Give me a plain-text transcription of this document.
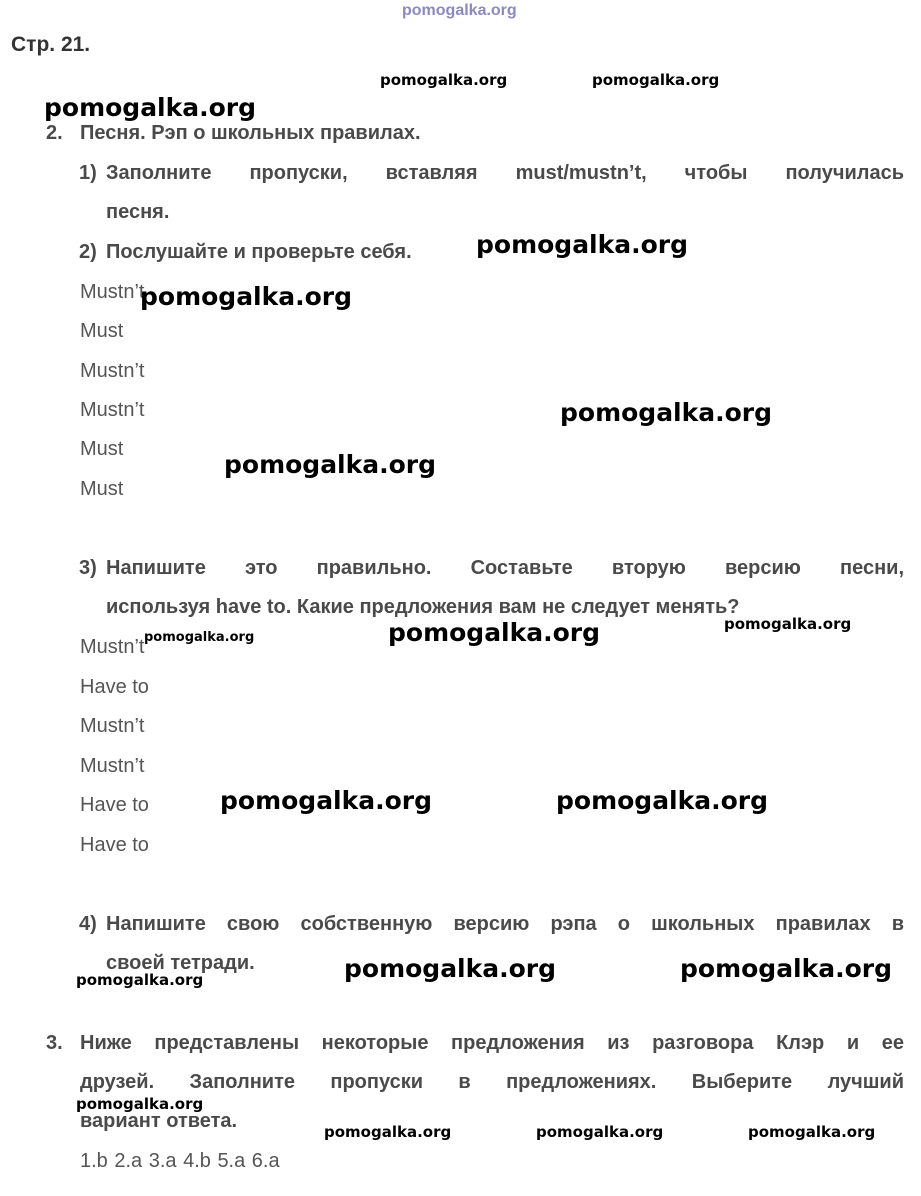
pomogalka.org
Стр. 21.
2. Песня. Рэп о школьных правилах.
1) Заполните пропуски, вставляя must/mustn’t, чтобы получилась
песня.
2) Послушайте и проверьте себя.
Mustn’t
Must
Mustn’t
Mustn’t
Must
Must
3) Напишите это правильно. Составьте вторую версию песни,
используя have to. Какие предложения вам не следует менять?
Mustn’t
Have to
Mustn’t
Mustn’t
Have to
Have to
4) Напишите свою собственную версию рэпа о школьных правилах в
своей тетради.
3. Ниже представлены некоторые предложения из разговора Клэр и ее
друзей. Заполните пропуски в предложениях. Выберите лучший
вариант ответа.
1.b 2.a 3.a 4.b 5.a 6.a
pomogalka.org	pomogalka.org
pomogalka.org
pomogalka.org
pomogalka.org
pomogalka.org
pomogalka.org
pomogalka.org	pomogalka.org	pomogalka.org
pomogalka.org	pomogalka.org
pomogalka.org	pomogalka.org
pomogalka.org
pomogalka.org
pomogalka.org	pomogalka.org	pomogalka.org
